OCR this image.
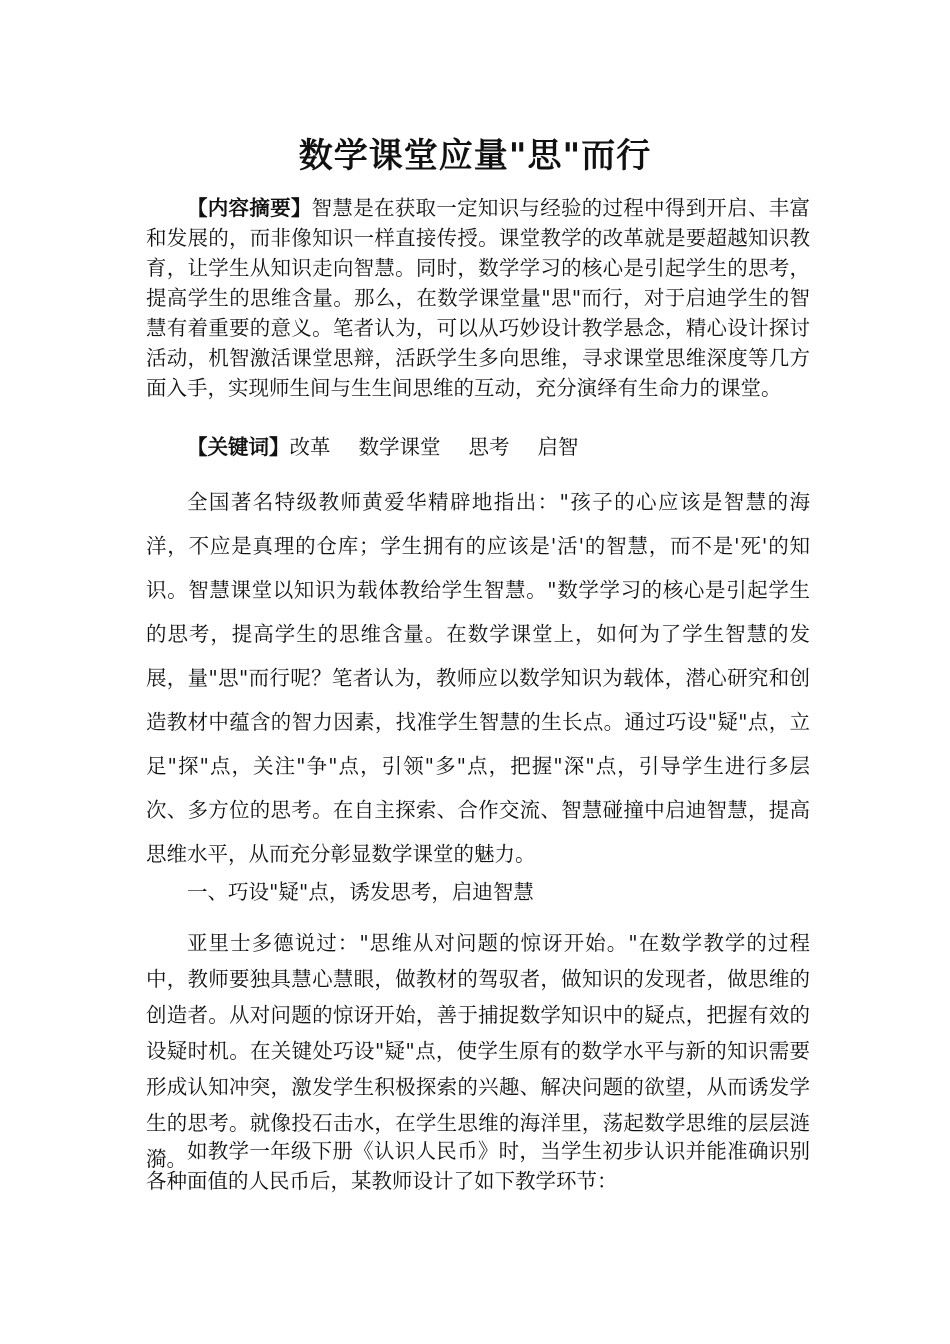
数学课堂应量"思"而行

【内容摘要】智慧是在获取一定知识与经验的过程中得到开启、丰富和发展的，而非像知识一样直接传授。课堂教学的改革就是要超越知识教育，让学生从知识走向智慧。同时，数学学习的核心是引起学生的思考，提高学生的思维含量。那么，在数学课堂量"思"而行，对于启迪学生的智慧有着重要的意义。笔者认为，可以从巧妙设计教学悬念，精心设计探讨活动，机智激活课堂思辩，活跃学生多向思维，寻求课堂思维深度等几方面入手，实现师生间与生生间思维的互动，充分演绎有生命力的课堂。

【关键词】改革 数学课堂 思考 启智

全国著名特级教师黄爱华精辟地指出："孩子的心应该是智慧的海洋，不应是真理的仓库；学生拥有的应该是'活'的智慧，而不是'死'的知识。智慧课堂以知识为载体教给学生智慧。"数学学习的核心是引起学生的思考，提高学生的思维含量。在数学课堂上，如何为了学生智慧的发展，量"思"而行呢？笔者认为，教师应以数学知识为载体，潜心研究和创造教材中蕴含的智力因素，找准学生智慧的生长点。通过巧设"疑"点，立足"探"点，关注"争"点，引领"多"点，把握"深"点，引导学生进行多层次、多方位的思考。在自主探索、合作交流、智慧碰撞中启迪智慧，提高思维水平，从而充分彰显数学课堂的魅力。

一、巧设"疑"点，诱发思考，启迪智慧

亚里士多德说过："思维从对问题的惊讶开始。"在数学教学的过程中，教师要独具慧心慧眼，做教材的驾驭者，做知识的发现者，做思维的创造者。从对问题的惊讶开始，善于捕捉数学知识中的疑点，把握有效的设疑时机。在关键处巧设"疑"点，使学生原有的数学水平与新的知识需要形成认知冲突，激发学生积极探索的兴趣、解决问题的欲望，从而诱发学生的思考。就像投石击水，在学生思维的海洋里，荡起数学思维的层层涟漪。 如教学一年级下册《认识人民币》时，当学生初步认识并能准确识别各种面值的人民币后，某教师设计了如下教学环节：
